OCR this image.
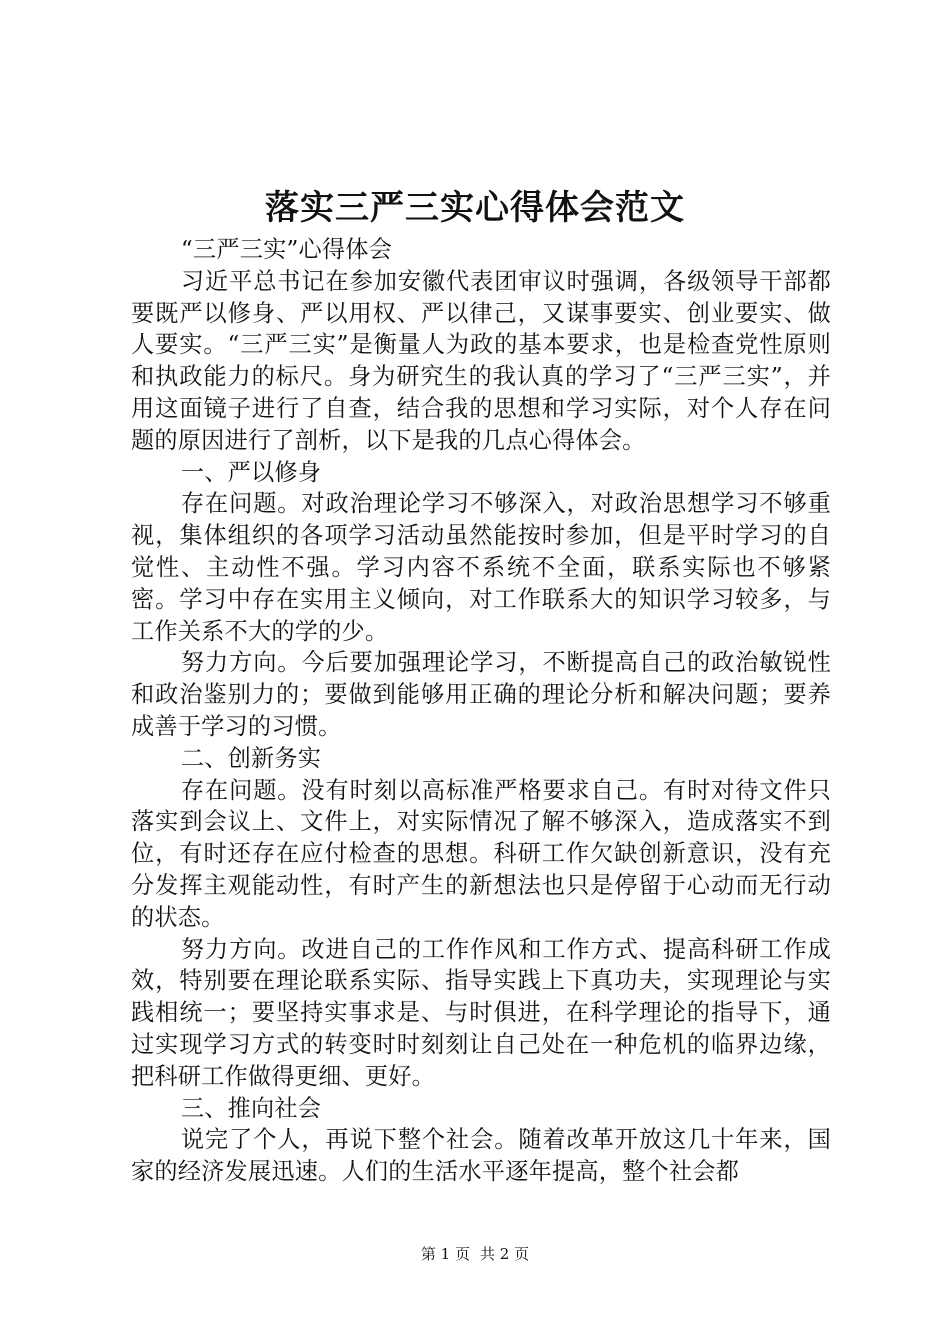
落实三严三实心得体会范文

“三严三实”心得体会

习近平总书记在参加安徽代表团审议时强调，各级领导干部都要既严以修身、严以用权、严以律己，又谋事要实、创业要实、做人要实。“三严三实”是衡量人为政的基本要求，也是检查党性原则和执政能力的标尺。身为研究生的我认真的学习了“三严三实”，并用这面镜子进行了自查，结合我的思想和学习实际，对个人存在问题的原因进行了剖析，以下是我的几点心得体会。

一、严以修身

存在问题。对政治理论学习不够深入，对政治思想学习不够重视，集体组织的各项学习活动虽然能按时参加，但是平时学习的自觉性、主动性不强。学习内容不系统不全面，联系实际也不够紧密。学习中存在实用主义倾向，对工作联系大的知识学习较多，与工作关系不大的学的少。

努力方向。今后要加强理论学习，不断提高自己的政治敏锐性和政治鉴别力的；要做到能够用正确的理论分析和解决问题；要养成善于学习的习惯。

二、创新务实

存在问题。没有时刻以高标准严格要求自己。有时对待文件只落实到会议上、文件上，对实际情况了解不够深入，造成落实不到位，有时还存在应付检查的思想。科研工作欠缺创新意识，没有充分发挥主观能动性，有时产生的新想法也只是停留于心动而无行动的状态。

努力方向。改进自己的工作作风和工作方式、提高科研工作成效，特别要在理论联系实际、指导实践上下真功夫，实现理论与实践相统一；要坚持实事求是、与时俱进，在科学理论的指导下，通过实现学习方式的转变时时刻刻让自己处在一种危机的临界边缘，把科研工作做得更细、更好。

三、推向社会

说完了个人，再说下整个社会。随着改革开放这几十年来，国家的经济发展迅速。人们的生活水平逐年提高，整个社会都

第 1 页 共 2 页
